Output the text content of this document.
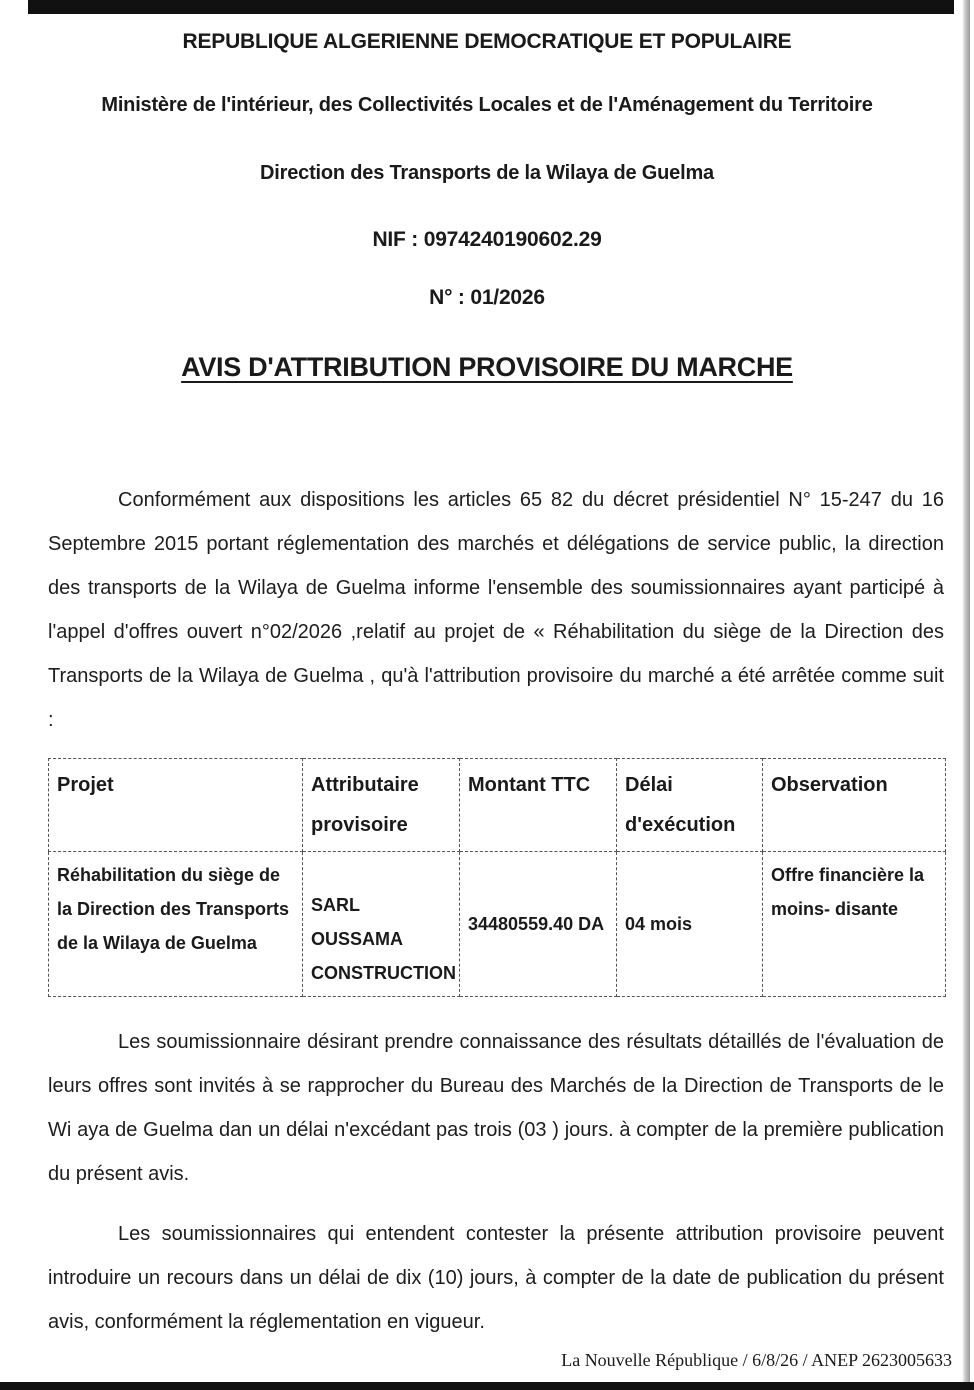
REPUBLIQUE ALGERIENNE DEMOCRATIQUE ET POPULAIRE
Ministère de l'intérieur, des Collectivités Locales et de l'Aménagement du Territoire
Direction des Transports de la Wilaya de Guelma
NIF : 0974240190602.29
N° : 01/2026
AVIS D'ATTRIBUTION PROVISOIRE DU MARCHE
Conformément aux dispositions les articles 65 82 du décret présidentiel N° 15-247 du 16 Septembre 2015 portant réglementation des marchés et délégations de service public, la direction des transports de la Wilaya de Guelma informe l'ensemble des soumissionnaires ayant participé à l'appel d'offres ouvert n°02/2026 ,relatif au projet de « Réhabilitation du siège de la Direction des Transports de la Wilaya de Guelma , qu'à l'attribution provisoire du marché a été arrêtée comme suit :
Projet	Attributaire provisoire	Montant TTC	Délai d'exécution	Observation
Réhabilitation du siège de la Direction des Transports de la Wilaya de Guelma	SARL OUSSAMA CONSTRUCTION	34480559.40 DA	04 mois	Offre financière la moins- disante
Les soumissionnaire désirant prendre connaissance des résultats détaillés de l'évaluation de leurs offres sont invités à se rapprocher du Bureau des Marchés de la Direction de Transports de le Wi aya de Guelma dan un délai n'excédant pas trois (03 ) jours. à compter de la première publication du présent avis.
Les soumissionnaires qui entendent contester la présente attribution provisoire peuvent introduire un recours dans un délai de dix (10) jours, à compter de la date de publication du présent avis, conformément la réglementation en vigueur.
La Nouvelle République / 6/8/26 / ANEP 2623005633
